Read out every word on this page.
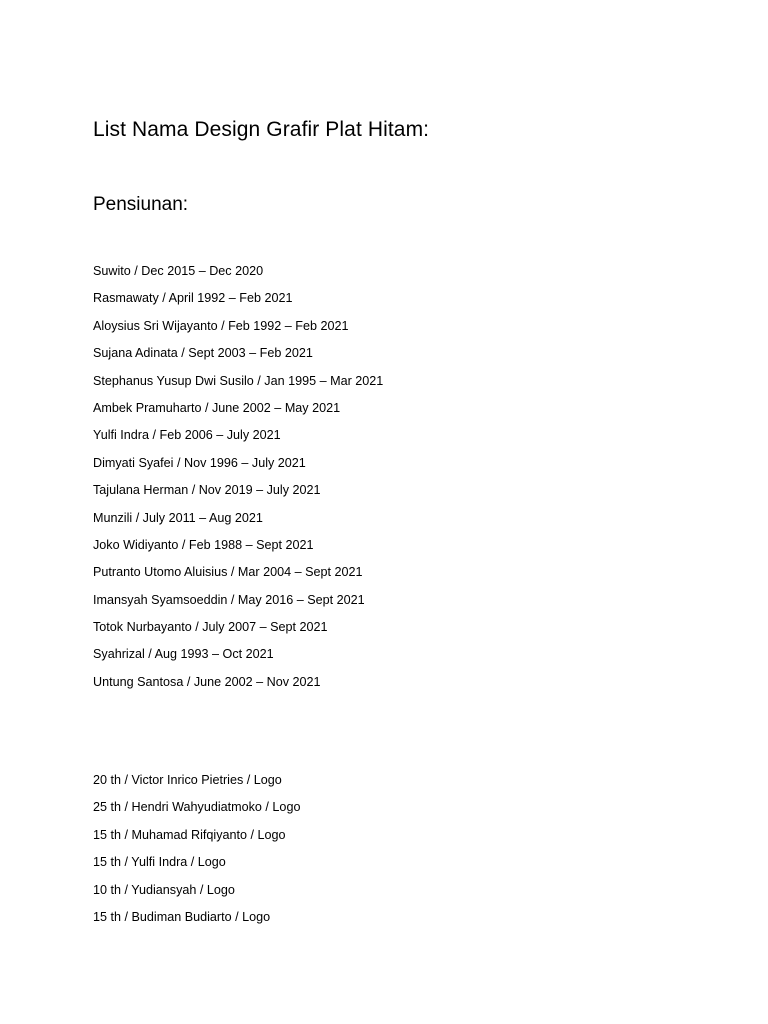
List Nama Design Grafir Plat Hitam:
Pensiunan:
Suwito / Dec 2015 – Dec 2020
Rasmawaty / April 1992 – Feb 2021
Aloysius Sri Wijayanto / Feb 1992 – Feb 2021
Sujana Adinata / Sept 2003 – Feb 2021
Stephanus Yusup Dwi Susilo / Jan 1995 – Mar 2021
Ambek Pramuharto / June 2002 – May 2021
Yulfi Indra / Feb 2006 – July 2021
Dimyati Syafei / Nov 1996 – July 2021
Tajulana Herman / Nov 2019 – July 2021
Munzili / July 2011 – Aug 2021
Joko Widiyanto / Feb 1988 – Sept 2021
Putranto Utomo Aluisius / Mar 2004 – Sept 2021
Imansyah Syamsoeddin / May 2016 – Sept 2021
Totok Nurbayanto / July 2007 – Sept 2021
Syahrizal / Aug 1993 – Oct 2021
Untung Santosa / June 2002 – Nov 2021
20 th / Victor Inrico Pietries / Logo
25 th / Hendri Wahyudiatmoko / Logo
15 th / Muhamad Rifqiyanto / Logo
15 th / Yulfi Indra / Logo
10 th / Yudiansyah / Logo
15 th / Budiman Budiarto / Logo
